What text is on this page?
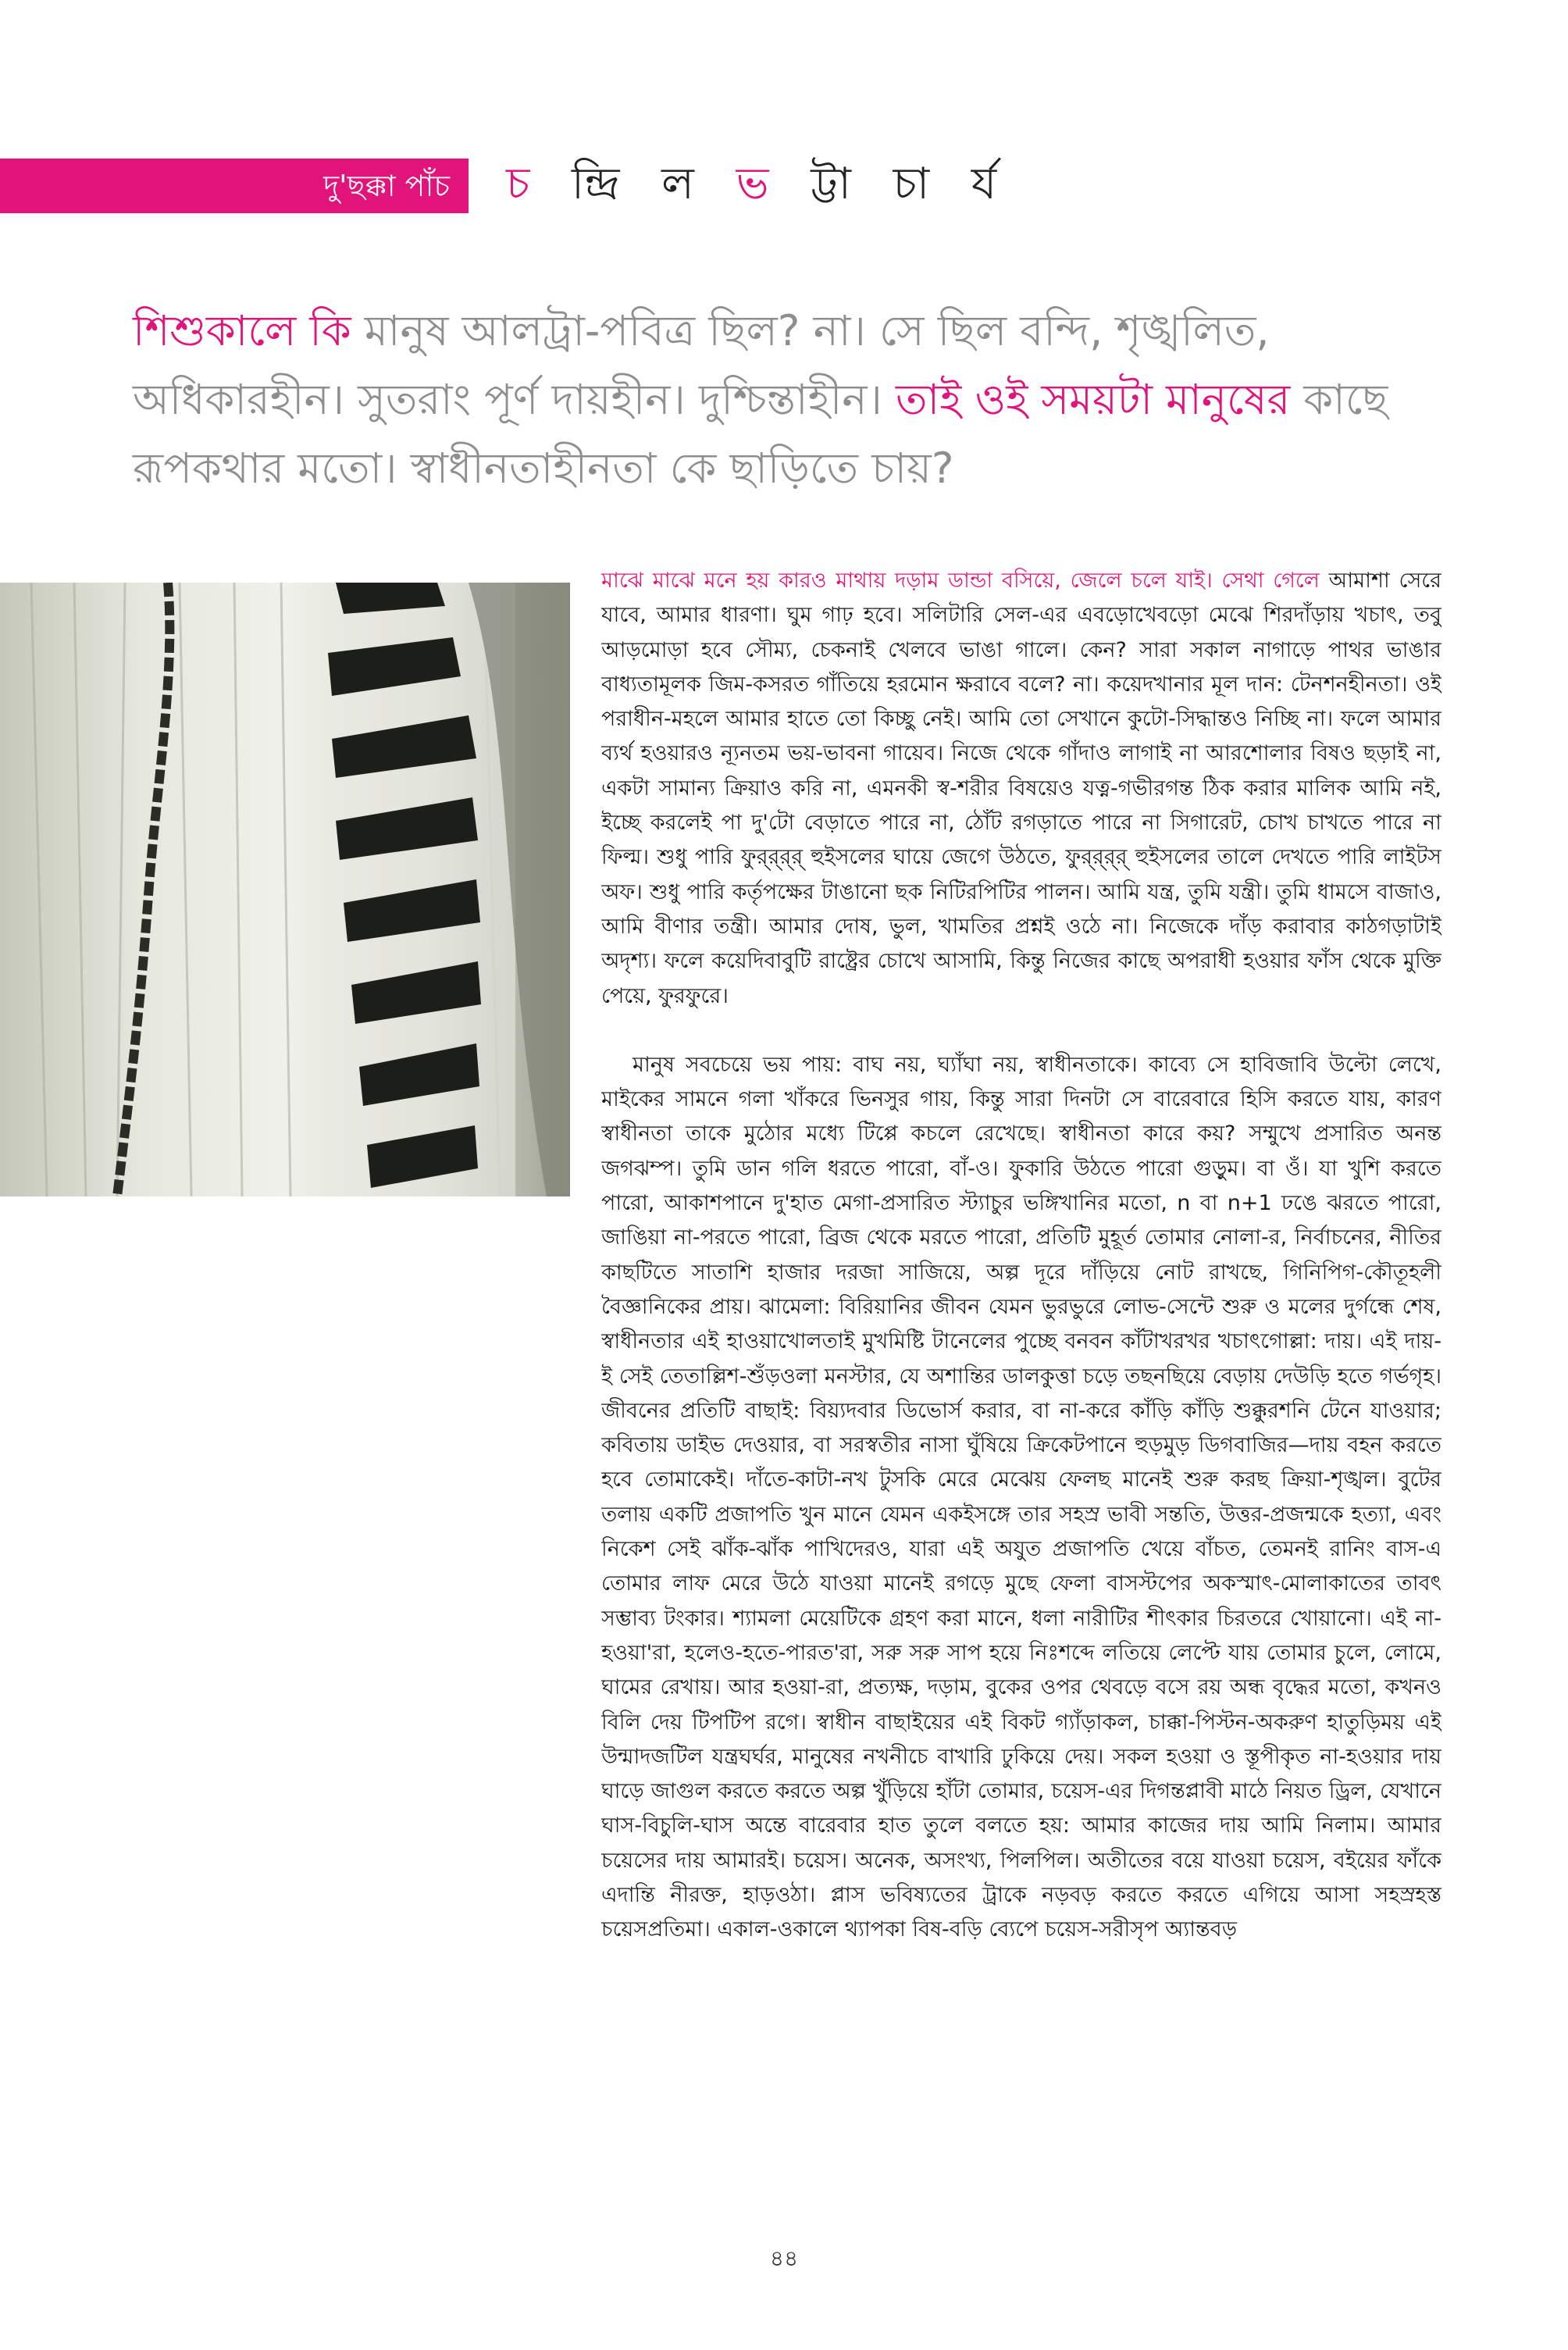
দু'ছক্কা পাঁচ চ ন্দ্রি ল ভ ট্টা চা র্য
শিশুকালে কি মানুষ আলট্রা-পবিত্র ছিল? না। সে ছিল বন্দি, শৃঙ্খলিত, অধিকারহীন। সুতরাং পূর্ণ দায়হীন। দুশ্চিন্তাহীন। তাই ওই সময়টা মানুষের কাছে রূপকথার মতো। স্বাধীনতাহীনতা কে ছাড়িতে চায়?

মাঝে মাঝে মনে হয় কারও মাথায় দড়াম ডান্ডা বসিয়ে, জেলে চলে যাই। সেথা গেলে আমাশা সেরে যাবে, আমার ধারণা। ঘুম গাঢ় হবে। সলিটারি সেল-এর এবড়োখেবড়ো মেঝে শিরদাঁড়ায় খচাৎ, তবু আড়মোড়া হবে সৌম্য, চেকনাই খেলবে ভাঙা গালে। কেন? সারা সকাল নাগাড়ে পাথর ভাঙার বাধ্যতামূলক জিম-কসরত গাঁতিয়ে হরমোন ক্ষরাবে বলে? না। কয়েদখানার মূল দান: টেনশনহীনতা। ওই পরাধীন-মহলে আমার হাতে তো কিচ্ছু নেই। আমি তো সেখানে কুটো-সিদ্ধান্তও নিচ্ছি না। ফলে আমার ব্যর্থ হওয়ারও ন্যূনতম ভয়-ভাবনা গায়েব। নিজে থেকে গাঁদাও লাগাই না আরশোলার বিষও ছড়াই না, একটা সামান্য ক্রিয়াও করি না, এমনকী স্ব-শরীর বিষয়েও যত্ন-গভীরগন্ত ঠিক করার মালিক আমি নই, ইচ্ছে করলেই পা দু'টো বেড়াতে পারে না, ঠোঁট রগড়াতে পারে না সিগারেট, চোখ চাখতে পারে না ফিল্ম। শুধু পারি ফুর্‌র্‌র্‌র্‌ হুইসলের ঘায়ে জেগে উঠতে, ফুর্‌র্‌র্‌র্‌ হুইসলের তালে দেখতে পারি লাইটস অফ। শুধু পারি কর্তৃপক্ষের টাঙানো ছক নিটিরপিটির পালন। আমি যন্ত্র, তুমি যন্ত্রী। তুমি ধামসে বাজাও, আমি বীণার তন্ত্রী। আমার দোষ, ভুল, খামতির প্রশ্নই ওঠে না। নিজেকে দাঁড় করাবার কাঠগড়াটাই অদৃশ্য। ফলে কয়েদিবাবুটি রাষ্ট্রের চোখে আসামি, কিন্তু নিজের কাছে অপরাধী হওয়ার ফাঁস থেকে মুক্তি পেয়ে, ফুরফুরে।

মানুষ সবচেয়ে ভয় পায়: বাঘ নয়, ঘ্যাঁঘা নয়, স্বাধীনতাকে। কাব্যে সে হাবিজাবি উল্টো লেখে, মাইকের সামনে গলা খাঁকরে ভিনসুর গায়, কিন্তু সারা দিনটা সে বারেবারে হিসি করতে যায়, কারণ স্বাধীনতা তাকে মুঠোর মধ্যে টিপ্পে কচলে রেখেছে। স্বাধীনতা কারে কয়? সম্মুখে প্রসারিত অনন্ত জগঝম্প। তুমি ডান গলি ধরতে পারো, বাঁ-ও। ফুকারি উঠতে পারো গুড়ুম। বা ওঁ। যা খুশি করতে পারো, আকাশপানে দু'হাত মেগা-প্রসারিত স্ট্যাচুর ভঙ্গিখানির মতো, n বা n+1 ঢঙে ঝরতে পারো, জাঙিয়া না-পরতে পারো, ব্রিজ থেকে মরতে পারো, প্রতিটি মুহূর্ত তোমার নোলা-র, নির্বাচনের, নীতির কাছটিতে সাতাশি হাজার দরজা সাজিয়ে, অল্প দূরে দাঁড়িয়ে নোট রাখছে, গিনিপিগ-কৌতূহলী বৈজ্ঞানিকের প্রায়। ঝামেলা: বিরিয়ানির জীবন যেমন ভুরভুরে লোভ-সেন্টে শুরু ও মলের দুর্গন্ধে শেষ, স্বাধীনতার এই হাওয়াখোলতাই মুখমিষ্টি টানেলের পুচ্ছে বনবন কাঁটাখরখর খচাৎগোল্লা: দায়। এই দায়-ই সেই তেতাল্লিশ-শুঁড়ওলা মনস্টার, যে অশান্তির ডালকুত্তা চড়ে তছনছিয়ে বেড়ায় দেউড়ি হতে গর্ভগৃহ। জীবনের প্রতিটি বাছাই: বিয়্যদবার ডিভোর্স করার, বা না-করে কাঁড়ি কাঁড়ি শুক্কুরশনি টেনে যাওয়ার; কবিতায় ডাইভ দেওয়ার, বা সরস্বতীর নাসা ঘুঁষিয়ে ক্রিকেটপানে হুড়মুড় ডিগবাজির—দায় বহন করতে হবে তোমাকেই। দাঁতে-কাটা-নখ টুসকি মেরে মেঝেয় ফেলছ মানেই শুরু করছ ক্রিয়া-শৃঙ্খল। বুটের তলায় একটি প্রজাপতি খুন মানে যেমন একইসঙ্গে তার সহস্র ভাবী সন্ততি, উত্তর-প্রজন্মকে হত্যা, এবং নিকেশ সেই ঝাঁক-ঝাঁক পাখিদেরও, যারা এই অযুত প্রজাপতি খেয়ে বাঁচত, তেমনই রানিং বাস-এ তোমার লাফ মেরে উঠে যাওয়া মানেই রগড়ে মুছে ফেলা বাসস্টপের অকস্মাৎ-মোলাকাতের তাবৎ সম্ভাব্য টংকার। শ্যামলা মেয়েটিকে গ্রহণ করা মানে, ধলা নারীটির শীৎকার চিরতরে খোয়ানো। এই না-হওয়া'রা, হলেও-হতে-পারত'রা, সরু সরু সাপ হয়ে নিঃশব্দে লতিয়ে লেপ্টে যায় তোমার চুলে, লোমে, ঘামের রেখায়। আর হওয়া-রা, প্রত্যক্ষ, দড়াম, বুকের ওপর থেবড়ে বসে রয় অন্ধ বৃদ্ধের মতো, কখনও বিলি দেয় টিপটিপ রগে। স্বাধীন বাছাইয়ের এই বিকট গ্যাঁড়াকল, চাক্কা-পিস্টন-অকরুণ হাতুড়িময় এই উন্মাদজটিল যন্ত্রঘর্ঘর, মানুষের নখনীচে বাখারি ঢুকিয়ে দেয়। সকল হওয়া ও স্তূপীকৃত না-হওয়ার দায় ঘাড়ে জাগুল করতে করতে অল্প খুঁড়িয়ে হাঁটা তোমার, চয়েস-এর দিগন্তপ্লাবী মাঠে নিয়ত ড্রিল, যেখানে ঘাস-বিচুলি-ঘাস অন্তে বারেবার হাত তুলে বলতে হয়: আমার কাজের দায় আমি নিলাম। আমার চয়েসের দায় আমারই। চয়েস। অনেক, অসংখ্য, পিলপিল। অতীতের বয়ে যাওয়া চয়েস, বইয়ের ফাঁকে এদান্তি নীরক্ত, হাড়ওঠা। প্লাস ভবিষ্যতের ট্রাকে নড়বড় করতে করতে এগিয়ে আসা সহস্রহস্ত চয়েসপ্রতিমা। একাল-ওকালে থ্যাপকা বিষ-বড়ি ব্যেপে চয়েস-সরীসৃপ অ্যান্তবড়

৪৪
